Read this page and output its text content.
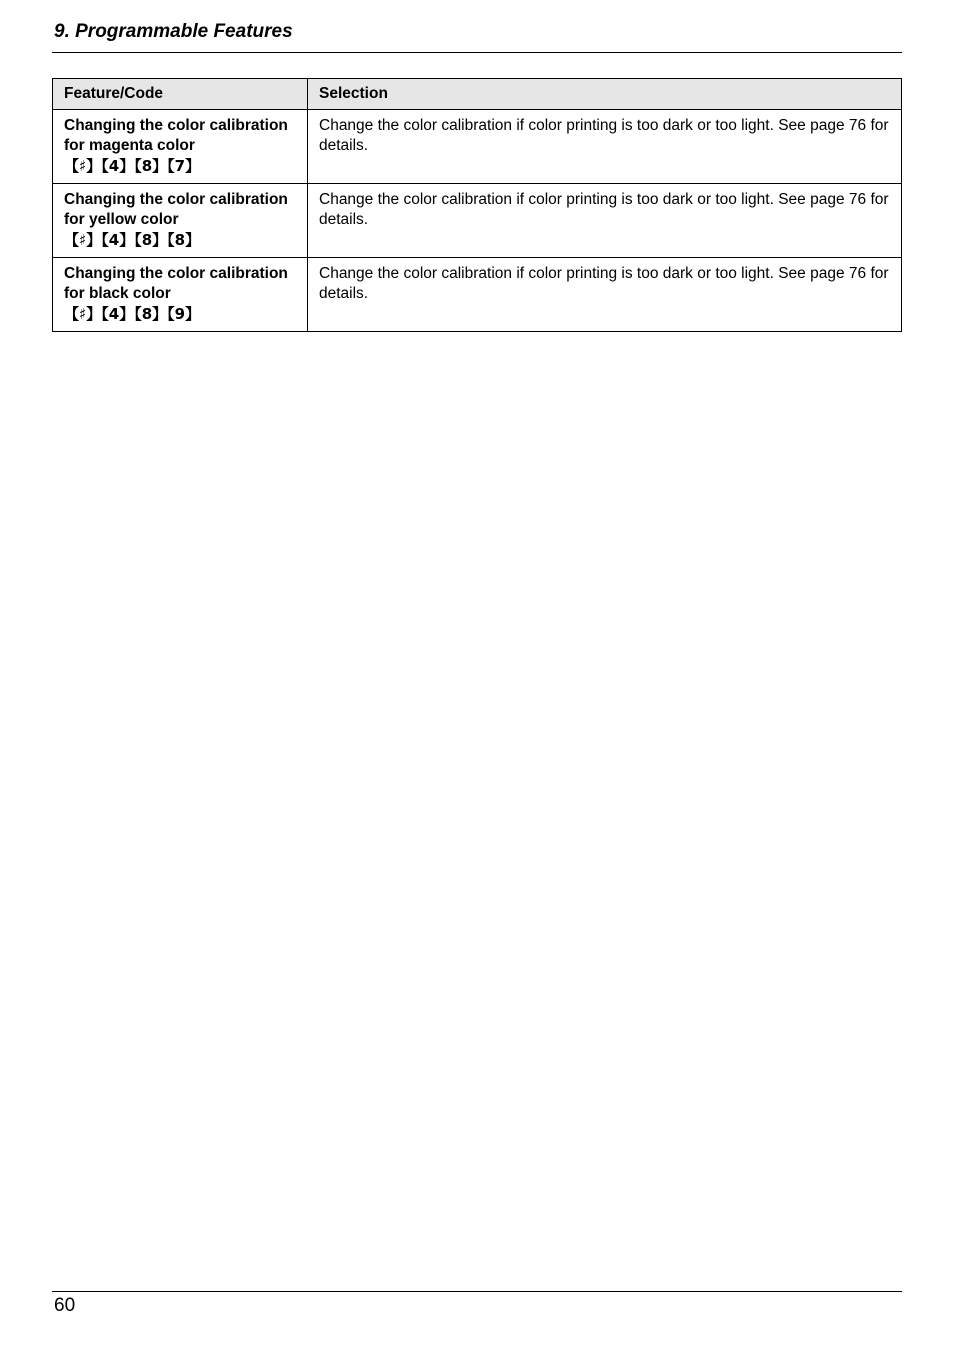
9. Programmable Features
Feature/Code	Selection

Changing the color calibration for magenta color
【♯】【4】【8】【7】	Change the color calibration if color printing is too dark or too light. See page 76 for details.

Changing the color calibration for yellow color
【♯】【4】【8】【8】	Change the color calibration if color printing is too dark or too light. See page 76 for details.

Changing the color calibration for black color
【♯】【4】【8】【9】	Change the color calibration if color printing is too dark or too light. See page 76 for details.
60
